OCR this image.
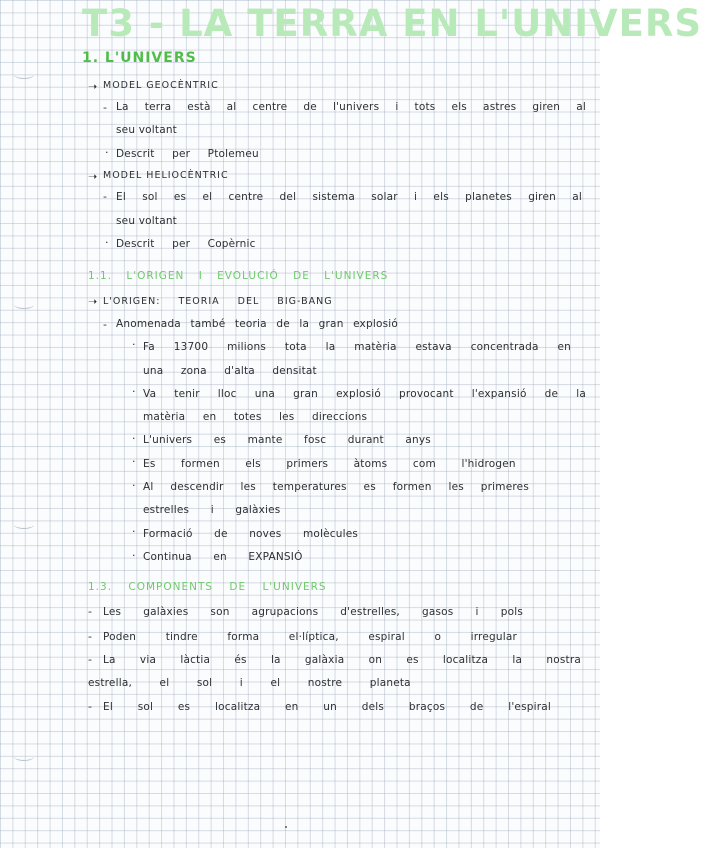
T3 - LA TERRA EN L'UNIVERS
1. L'UNIVERS
➝ MODEL GEOCÈNTRIC
- La terra està al centre de l'univers i tots els astres giren al
seu voltant
· Descrit per Ptolemeu
➝ MODEL HELIOCÈNTRIC
- El sol es el centre del sistema solar i els planetes giren al
seu voltant
· Descrit per Copèrnic
1.1. L'ORIGEN I EVOLUCIÓ DE L'UNIVERS
➝ L'ORIGEN: TEORIA DEL BIG-BANG
- Anomenada també teoria de la gran explosió
· Fa 13700 milions tota la matèria estava concentrada en
una zona d'alta densitat
· Va tenir lloc una gran explosió provocant l'expansió de la
matèria en totes les direccions
· L'univers es mante fosc durant anys
· Es formen els primers àtoms com l'hidrogen
· Al descendir les temperatures es formen les primeres
estrelles i galàxies
· Formació de noves molècules
· Continua en EXPANSIÓ
1.3. COMPONENTS DE L'UNIVERS
- Les galàxies son agrupacions d'estrelles, gasos i pols
- Poden tindre forma el·líptica, espiral o irregular
- La via làctia és la galàxia on es localitza la nostra
estrella, el sol i el nostre planeta
- El sol es localitza en un dels braços de l'espiral
